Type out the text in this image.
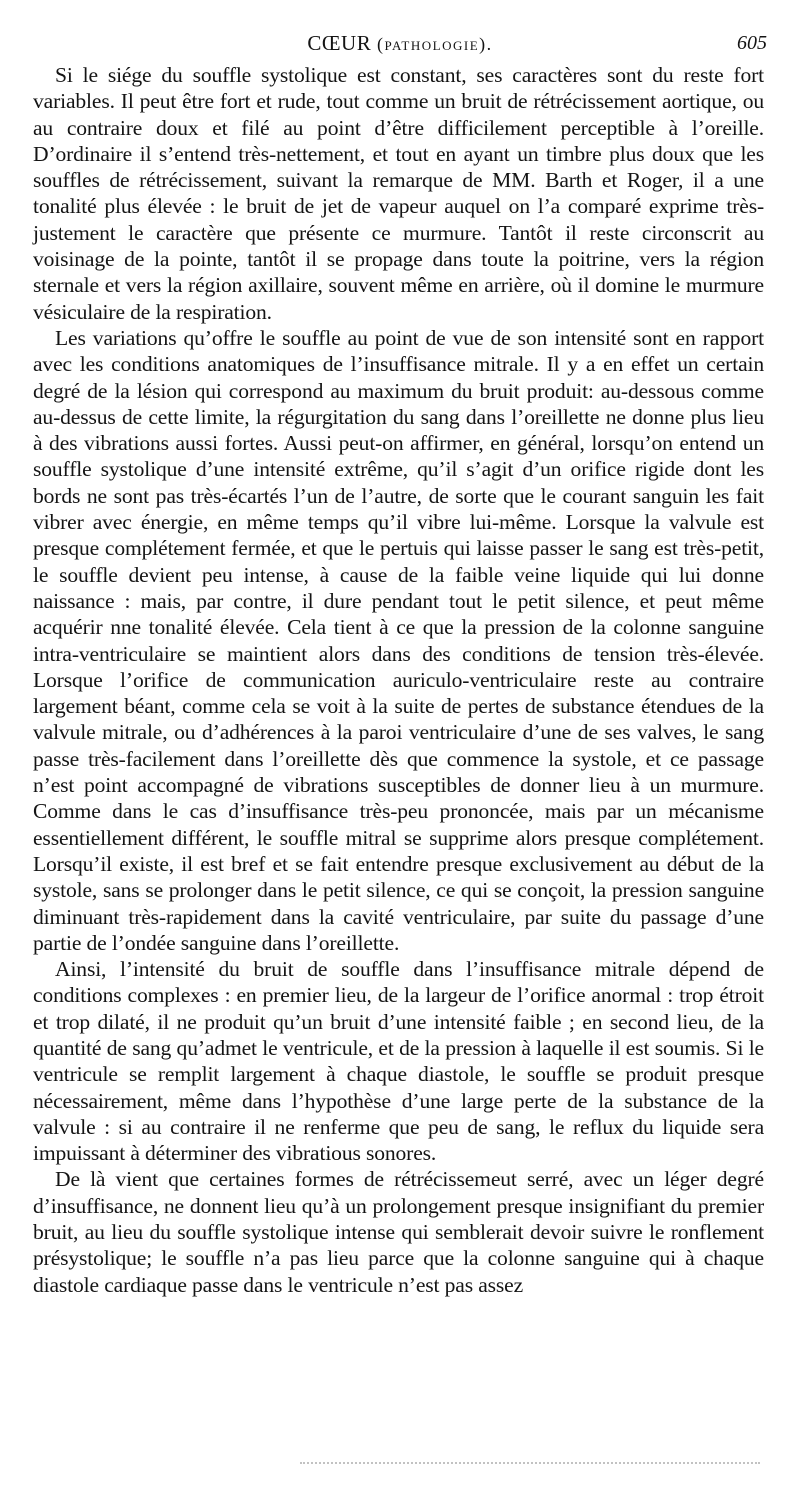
CŒUR (pathologie).	605

Si le siége du souffle systolique est constant, ses caractères sont du reste fort variables. Il peut être fort et rude, tout comme un bruit de rétrécissement aortique, ou au contraire doux et filé au point d’être difficilement perceptible à l’oreille. D’ordinaire il s’entend très-nettement, et tout en ayant un timbre plus doux que les souffles de rétrécissement, suivant la remarque de MM. Barth et Roger, il a une tonalité plus élevée : le bruit de jet de vapeur auquel on l’a comparé exprime très-justement le caractère que présente ce murmure. Tantôt il reste circonscrit au voisinage de la pointe, tantôt il se propage dans toute la poitrine, vers la région sternale et vers la région axillaire, souvent même en arrière, où il domine le murmure vésiculaire de la respiration.

Les variations qu’offre le souffle au point de vue de son intensité sont en rapport avec les conditions anatomiques de l’insuffisance mitrale. Il y a en effet un certain degré de la lésion qui correspond au maximum du bruit produit: au-dessous comme au-dessus de cette limite, la régurgitation du sang dans l’oreillette ne donne plus lieu à des vibrations aussi fortes. Aussi peut-on affirmer, en général, lorsqu’on entend un souffle systolique d’une intensité extrême, qu’il s’agit d’un orifice rigide dont les bords ne sont pas très-écartés l’un de l’autre, de sorte que le courant sanguin les fait vibrer avec énergie, en même temps qu’il vibre lui-même. Lorsque la valvule est presque complétement fermée, et que le pertuis qui laisse passer le sang est très-petit, le souffle devient peu intense, à cause de la faible veine liquide qui lui donne naissance : mais, par contre, il dure pendant tout le petit silence, et peut même acquérir nne tonalité élevée. Cela tient à ce que la pression de la colonne sanguine intra-ventriculaire se maintient alors dans des conditions de tension très-élevée. Lorsque l’orifice de communication auriculo-ventriculaire reste au contraire largement béant, comme cela se voit à la suite de pertes de substance étendues de la valvule mitrale, ou d’adhérences à la paroi ventriculaire d’une de ses valves, le sang passe très-facilement dans l’oreillette dès que commence la systole, et ce passage n’est point accompagné de vibrations susceptibles de donner lieu à un murmure. Comme dans le cas d’insuffisance très-peu prononcée, mais par un mécanisme essentiellement différent, le souffle mitral se supprime alors presque complétement. Lorsqu’il existe, il est bref et se fait entendre presque exclusivement au début de la systole, sans se prolonger dans le petit silence, ce qui se conçoit, la pression sanguine diminuant très-rapidement dans la cavité ventriculaire, par suite du passage d’une partie de l’ondée sanguine dans l’oreillette.

Ainsi, l’intensité du bruit de souffle dans l’insuffisance mitrale dépend de conditions complexes : en premier lieu, de la largeur de l’orifice anormal : trop étroit et trop dilaté, il ne produit qu’un bruit d’une intensité faible ; en second lieu, de la quantité de sang qu’admet le ventricule, et de la pression à laquelle il est soumis. Si le ventricule se remplit largement à chaque diastole, le souffle se produit presque nécessairement, même dans l’hypothèse d’une large perte de la substance de la valvule : si au contraire il ne renferme que peu de sang, le reflux du liquide sera impuissant à déterminer des vibratious sonores.

De là vient que certaines formes de rétrécissemeut serré, avec un léger degré d’insuffisance, ne donnent lieu qu’à un prolongement presque insignifiant du premier bruit, au lieu du souffle systolique intense qui semblerait devoir suivre le ronflement présystolique; le souffle n’a pas lieu parce que la colonne sanguine qui à chaque diastole cardiaque passe dans le ventricule n’est pas assez
